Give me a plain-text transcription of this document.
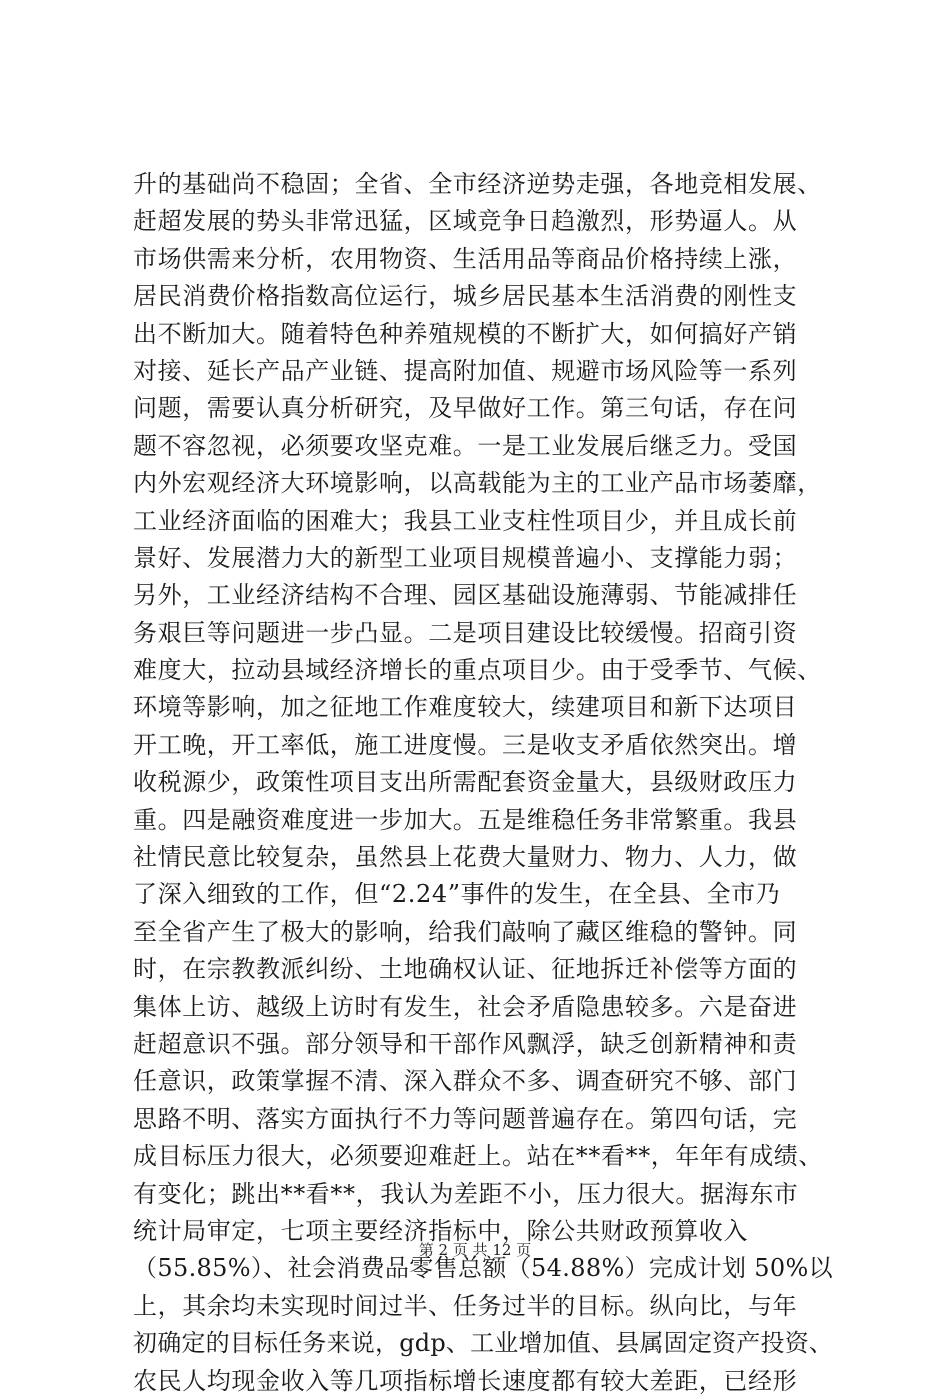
升的基础尚不稳固；全省、全市经济逆势走强，各地竞相发展、
赶超发展的势头非常迅猛，区域竞争日趋激烈，形势逼人。从
市场供需来分析，农用物资、生活用品等商品价格持续上涨，
居民消费价格指数高位运行，城乡居民基本生活消费的刚性支
出不断加大。随着特色种养殖规模的不断扩大，如何搞好产销
对接、延长产品产业链、提高附加值、规避市场风险等一系列
问题，需要认真分析研究，及早做好工作。第三句话，存在问
题不容忽视，必须要攻坚克难。一是工业发展后继乏力。受国
内外宏观经济大环境影响，以高载能为主的工业产品市场萎靡，
工业经济面临的困难大；我县工业支柱性项目少，并且成长前
景好、发展潜力大的新型工业项目规模普遍小、支撑能力弱；
另外，工业经济结构不合理、园区基础设施薄弱、节能减排任
务艰巨等问题进一步凸显。二是项目建设比较缓慢。招商引资
难度大，拉动县域经济增长的重点项目少。由于受季节、气候、
环境等影响，加之征地工作难度较大，续建项目和新下达项目
开工晚，开工率低，施工进度慢。三是收支矛盾依然突出。增
收税源少，政策性项目支出所需配套资金量大，县级财政压力
重。四是融资难度进一步加大。五是维稳任务非常繁重。我县
社情民意比较复杂，虽然县上花费大量财力、物力、人力，做
了深入细致的工作，但“2.24”事件的发生，在全县、全市乃
至全省产生了极大的影响，给我们敲响了藏区维稳的警钟。同
时，在宗教教派纠纷、土地确权认证、征地拆迁补偿等方面的
集体上访、越级上访时有发生，社会矛盾隐患较多。六是奋进
赶超意识不强。部分领导和干部作风飘浮，缺乏创新精神和责
任意识，政策掌握不清、深入群众不多、调查研究不够、部门
思路不明、落实方面执行不力等问题普遍存在。第四句话，完
成目标压力很大，必须要迎难赶上。站在**看**，年年有成绩、
有变化；跳出**看**，我认为差距不小，压力很大。据海东市
统计局审定，七项主要经济指标中，除公共财政预算收入
（55.85%）、社会消费品零售总额（54.88%）完成计划 50%以
上，其余均未实现时间过半、任务过半的目标。纵向比，与年
初确定的目标任务来说，gdp、工业增加值、县属固定资产投资、
农民人均现金收入等几项指标增长速度都有较大差距，已经形
第 2 页 共 12 页
